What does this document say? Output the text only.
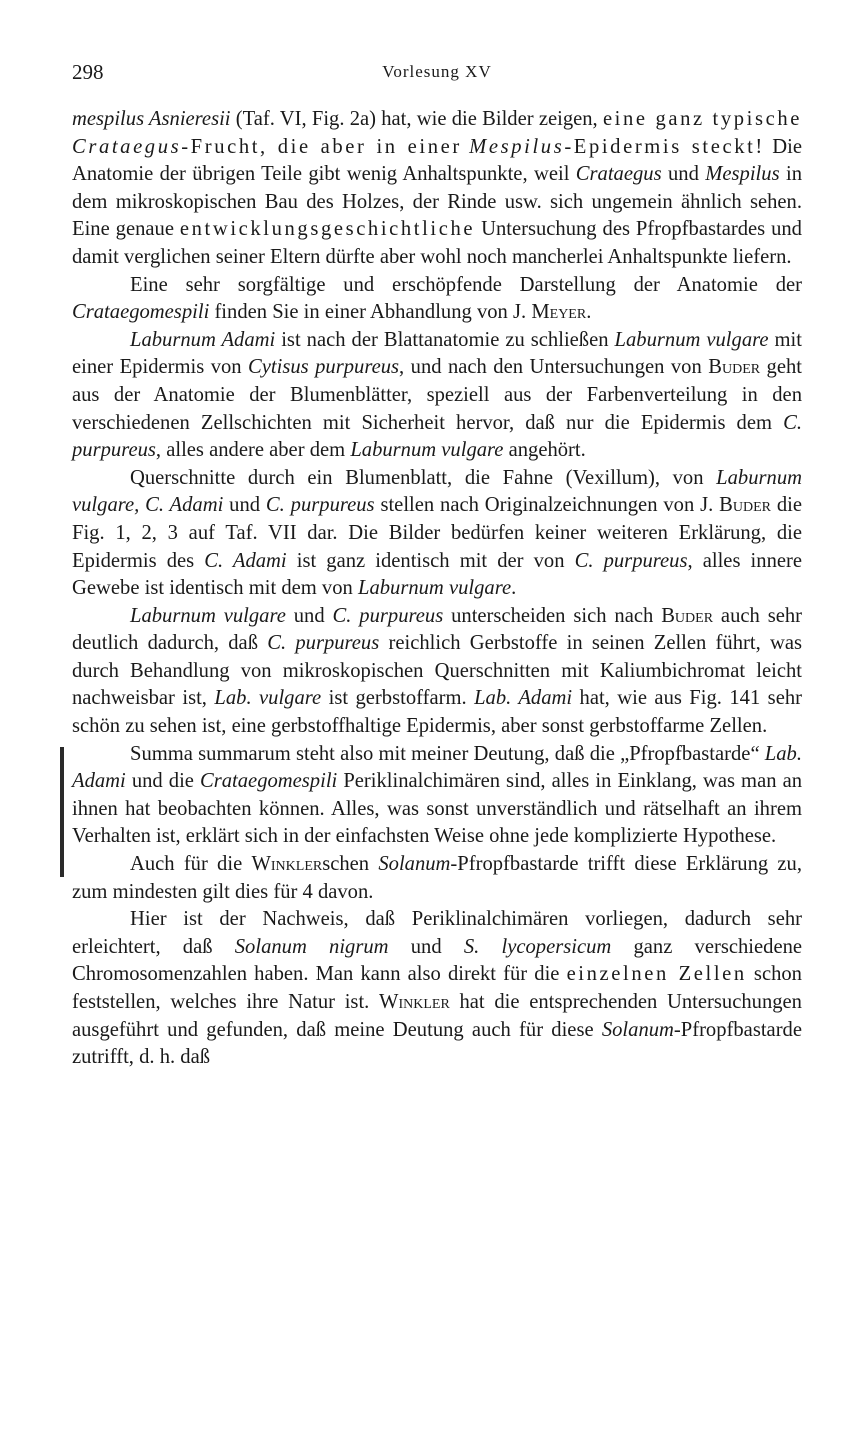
298	Vorlesung XV

mespilus Asnieresii (Taf. VI, Fig. 2a) hat, wie die Bilder zeigen, eine ganz typische Crataegus-Frucht, die aber in einer Mespilus-Epidermis steckt! Die Anatomie der übrigen Teile gibt wenig Anhaltspunkte, weil Crataegus und Mespilus in dem mikroskopischen Bau des Holzes, der Rinde usw. sich ungemein ähnlich sehen. Eine genaue entwicklungsgeschichtliche Untersuchung des Pfropfbastardes und damit verglichen seiner Eltern dürfte aber wohl noch mancherlei Anhaltspunkte liefern.

Eine sehr sorgfältige und erschöpfende Darstellung der Anatomie der Crataegomespili finden Sie in einer Abhandlung von J. Meyer.

Laburnum Adami ist nach der Blattanatomie zu schließen Laburnum vulgare mit einer Epidermis von Cytisus purpureus, und nach den Untersuchungen von Buder geht aus der Anatomie der Blumenblätter, speziell aus der Farbenverteilung in den verschiedenen Zellschichten mit Sicherheit hervor, daß nur die Epidermis dem C. purpureus, alles andere aber dem Laburnum vulgare angehört.

Querschnitte durch ein Blumenblatt, die Fahne (Vexillum), von Laburnum vulgare, C. Adami und C. purpureus stellen nach Originalzeichnungen von J. Buder die Fig. 1, 2, 3 auf Taf. VII dar. Die Bilder bedürfen keiner weiteren Erklärung, die Epidermis des C. Adami ist ganz identisch mit der von C. purpureus, alles innere Gewebe ist identisch mit dem von Laburnum vulgare.

Laburnum vulgare und C. purpureus unterscheiden sich nach Buder auch sehr deutlich dadurch, daß C. purpureus reichlich Gerbstoffe in seinen Zellen führt, was durch Behandlung von mikroskopischen Querschnitten mit Kaliumbichromat leicht nachweisbar ist, Lab. vulgare ist gerbstoffarm. Lab. Adami hat, wie aus Fig. 141 sehr schön zu sehen ist, eine gerbstoffhaltige Epidermis, aber sonst gerbstoffarme Zellen.

Summa summarum steht also mit meiner Deutung, daß die „Pfropfbastarde“ Lab. Adami und die Crataegomespili Periklinalchimären sind, alles in Einklang, was man an ihnen hat beobachten können. Alles, was sonst unverständlich und rätselhaft an ihrem Verhalten ist, erklärt sich in der einfachsten Weise ohne jede komplizierte Hypothese.

Auch für die Winklerschen Solanum-Pfropfbastarde trifft diese Erklärung zu, zum mindesten gilt dies für 4 davon.

Hier ist der Nachweis, daß Periklinalchimären vorliegen, dadurch sehr erleichtert, daß Solanum nigrum und S. lycopersicum ganz verschiedene Chromosomenzahlen haben. Man kann also direkt für die einzelnen Zellen schon feststellen, welches ihre Natur ist. Winkler hat die entsprechenden Untersuchungen ausgeführt und gefunden, daß meine Deutung auch für diese Solanum-Pfropfbastarde zutrifft, d. h. daß
